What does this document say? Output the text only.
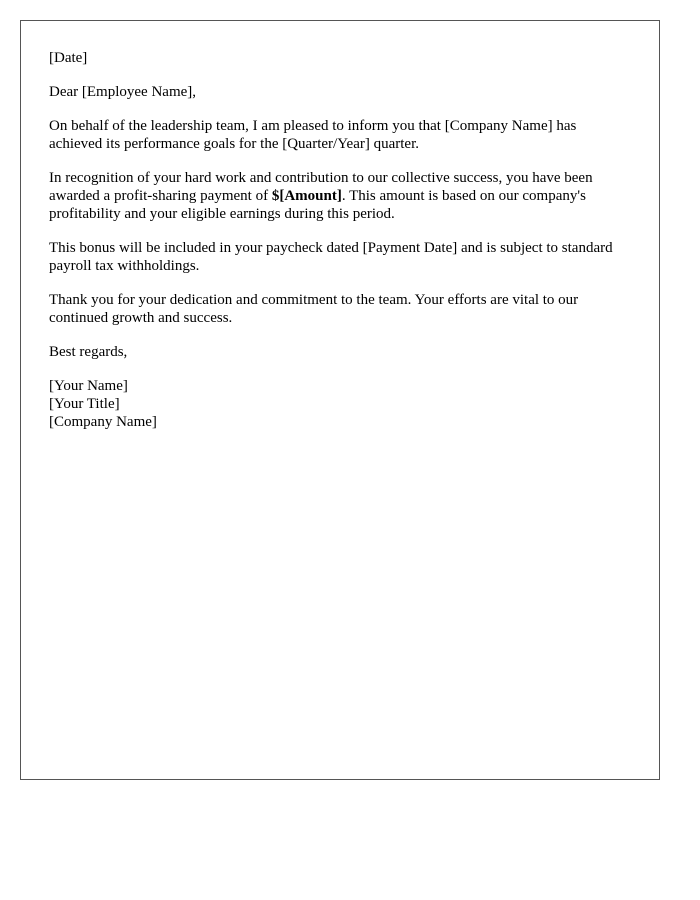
[Date]

Dear [Employee Name],

On behalf of the leadership team, I am pleased to inform you that [Company Name] has achieved its performance goals for the [Quarter/Year] quarter.

In recognition of your hard work and contribution to our collective success, you have been awarded a profit-sharing payment of $[Amount]. This amount is based on our company's profitability and your eligible earnings during this period.

This bonus will be included in your paycheck dated [Payment Date] and is subject to standard payroll tax withholdings.

Thank you for your dedication and commitment to the team. Your efforts are vital to our continued growth and success.

Best regards,

[Your Name]
[Your Title]
[Company Name]
